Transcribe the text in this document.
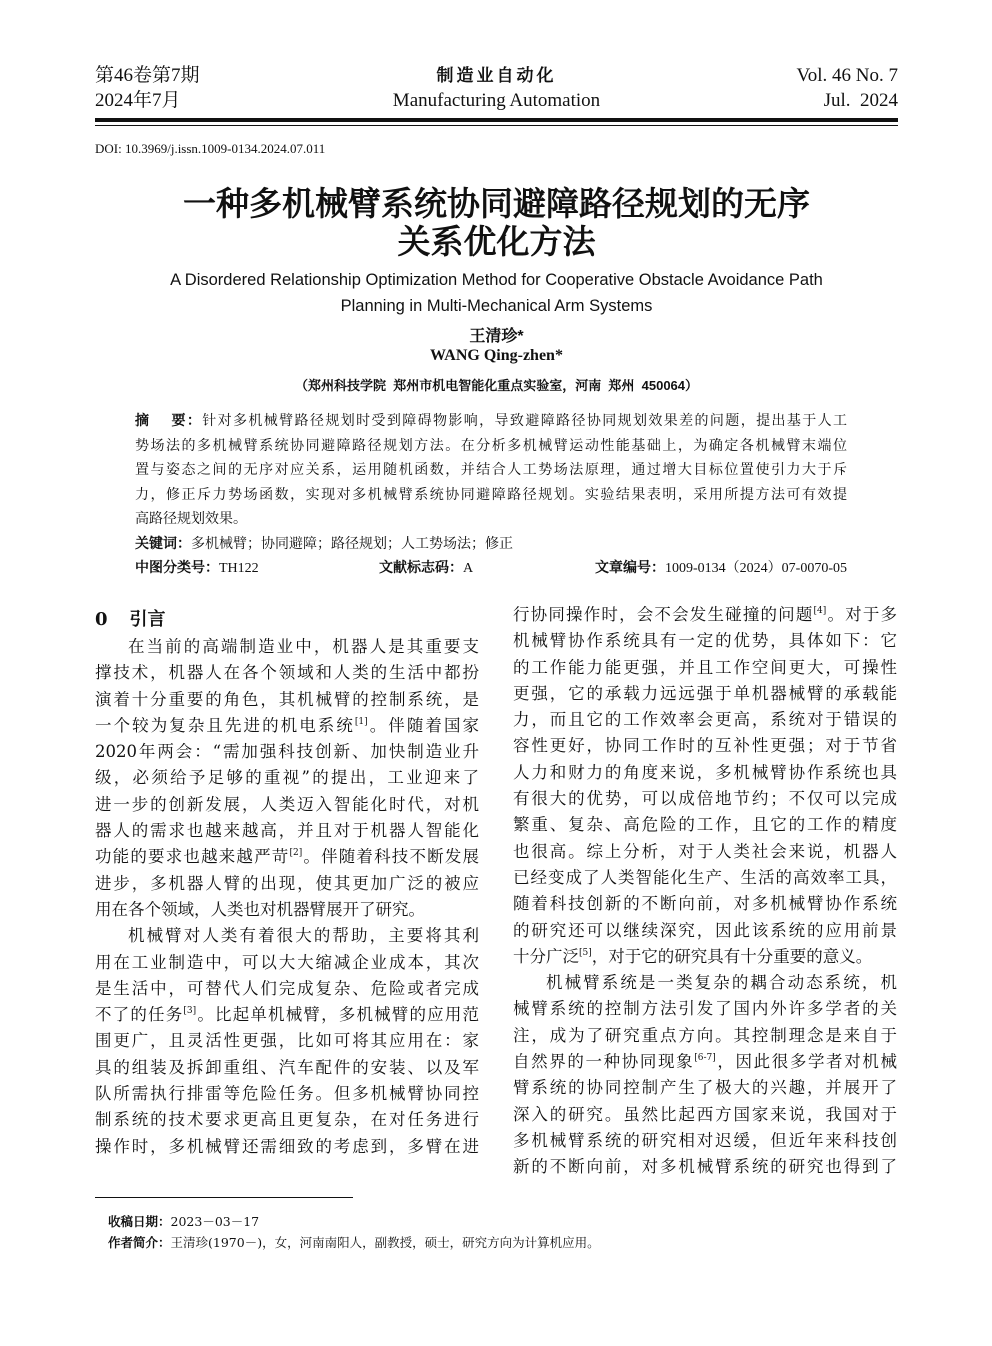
第46卷第7期
2024年7月
制造业自动化
Manufacturing Automation
Vol. 46 No. 7
Jul.  2024
DOI: 10.3969/j.issn.1009-0134.2024.07.011
一种多机械臂系统协同避障路径规划的无序
关系优化方法
A Disordered Relationship Optimization Method for Cooperative Obstacle Avoidance Path
Planning in Multi-Mechanical Arm Systems
王清珍*
WANG Qing-zhen*
（郑州科技学院  郑州市机电智能化重点实验室，河南  郑州  450064）
摘    要：针对多机械臂路径规划时受到障碍物影响，导致避障路径协同规划效果差的问题，提出基于人工
势场法的多机械臂系统协同避障路径规划方法。在分析多机械臂运动性能基础上，为确定各机械臂末端位
置与姿态之间的无序对应关系，运用随机函数，并结合人工势场法原理，通过增大目标位置使引力大于斥
力，修正斥力势场函数，实现对多机械臂系统协同避障路径规划。实验结果表明，采用所提方法可有效提
高路径规划效果。
关键词：多机械臂；协同避障；路径规划；人工势场法；修正
中图分类号：TH122	文献标志码：A	文章编号：1009-0134（2024）07-0070-05
0 引言
在当前的高端制造业中，机器人是其重要支
撑技术，机器人在各个领域和人类的生活中都扮
演着十分重要的角色，其机械臂的控制系统，是
一个较为复杂且先进的机电系统[1]。伴随着国家
2020年两会：“需加强科技创新、加快制造业升
级，必须给予足够的重视”的提出，工业迎来了
进一步的创新发展，人类迈入智能化时代，对机
器人的需求也越来越高，并且对于机器人智能化
功能的要求也越来越严苛[2]。伴随着科技不断发展
进步，多机器人臂的出现，使其更加广泛的被应
用在各个领域，人类也对机器臂展开了研究。
机械臂对人类有着很大的帮助，主要将其利
用在工业制造中，可以大大缩减企业成本，其次
是生活中，可替代人们完成复杂、危险或者完成
不了的任务[3]。比起单机械臂，多机械臂的应用范
围更广，且灵活性更强，比如可将其应用在：家
具的组装及拆卸重组、汽车配件的安装、以及军
队所需执行排雷等危险任务。但多机械臂协同控
制系统的技术要求更高且更复杂，在对任务进行
操作时，多机械臂还需细致的考虑到，多臂在进
行协同操作时，会不会发生碰撞的问题[4]。对于多
机械臂协作系统具有一定的优势，具体如下：它
的工作能力能更强，并且工作空间更大，可操性
更强，它的承载力远远强于单机器械臂的承载能
力，而且它的工作效率会更高，系统对于错误的
容性更好，协同工作时的互补性更强；对于节省
人力和财力的角度来说，多机械臂协作系统也具
有很大的优势，可以成倍地节约；不仅可以完成
繁重、复杂、高危险的工作，且它的工作的精度
也很高。综上分析，对于人类社会来说，机器人
已经变成了人类智能化生产、生活的高效率工具，
随着科技创新的不断向前，对多机械臂协作系统
的研究还可以继续深究，因此该系统的应用前景
十分广泛[5]，对于它的研究具有十分重要的意义。
机械臂系统是一类复杂的耦合动态系统，机
械臂系统的控制方法引发了国内外许多学者的关
注，成为了研究重点方向。其控制理念是来自于
自然界的一种协同现象[6-7]，因此很多学者对机械
臂系统的协同控制产生了极大的兴趣，并展开了
深入的研究。虽然比起西方国家来说，我国对于
多机械臂系统的研究相对迟缓，但近年来科技创
新的不断向前，对多机械臂系统的研究也得到了
收稿日期：2023－03－17
作者简介：王清珍(1970－)，女，河南南阳人，副教授，硕士，研究方向为计算机应用。
